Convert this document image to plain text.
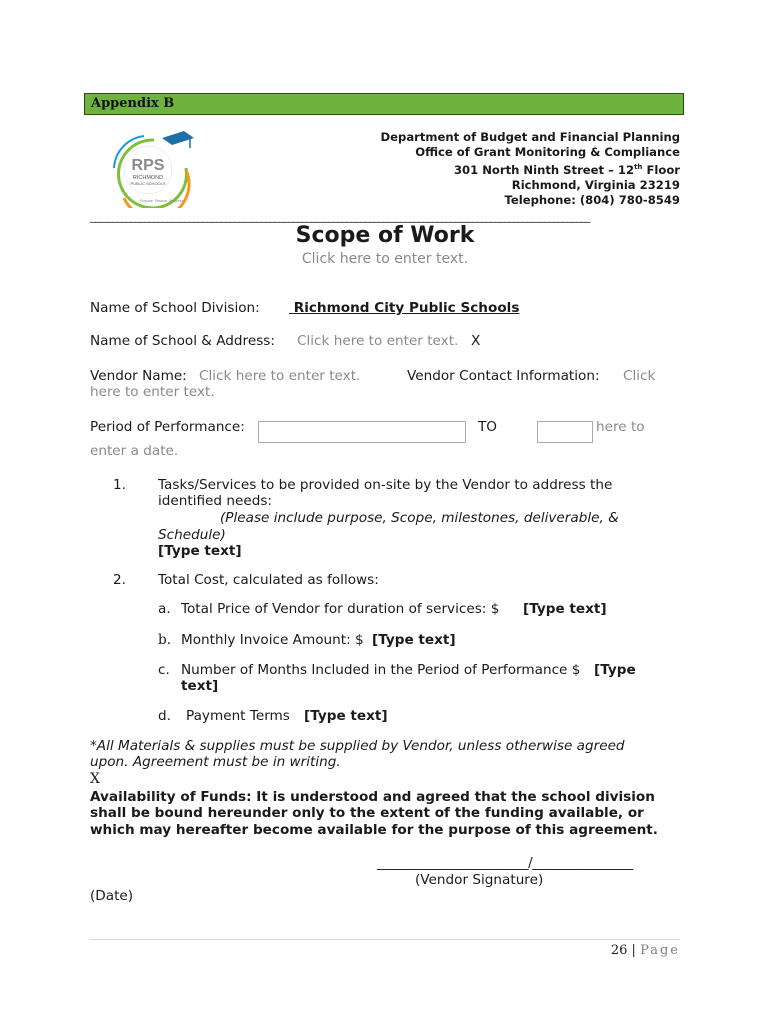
Appendix B
RPS
RICHMOND
PUBLIC SCHOOLS
Purpose. Passion. Progress.
Department of Budget and Financial Planning
Office of Grant Monitoring & Compliance
301 North Ninth Street – 12th Floor
Richmond, Virginia 23219
Telephone: (804) 780-8549
_______________________________________________________________________________________________________________
Scope of Work
Click here to enter text.
Name of School Division:	Richmond City Public Schools
Name of School & Address: Click here to enter text. X
Vendor Name: Click here to enter text.	Vendor Contact Information: Click
here to enter text.
Period of Performance:	TO	here to
enter a date.
1. Tasks/Services to be provided on-site by the Vendor to address the
identified needs:
(Please include purpose, Scope, milestones, deliverable, &
Schedule)
[Type text]
2. Total Cost, calculated as follows:
a. Total Price of Vendor for duration of services: $ [Type text]
b. Monthly Invoice Amount: $ [Type text]
c. Number of Months Included in the Period of Performance $ [Type
text]
d. Payment Terms [Type text]
*All Materials & supplies must be supplied by Vendor, unless otherwise agreed
upon. Agreement must be in writing.
X
Availability of Funds: It is understood and agreed that the school division
shall be bound hereunder only to the extent of the funding available, or
which may hereafter become available for the purpose of this agreement.
________________________/________________
(Vendor Signature)
(Date)
26 | Page
